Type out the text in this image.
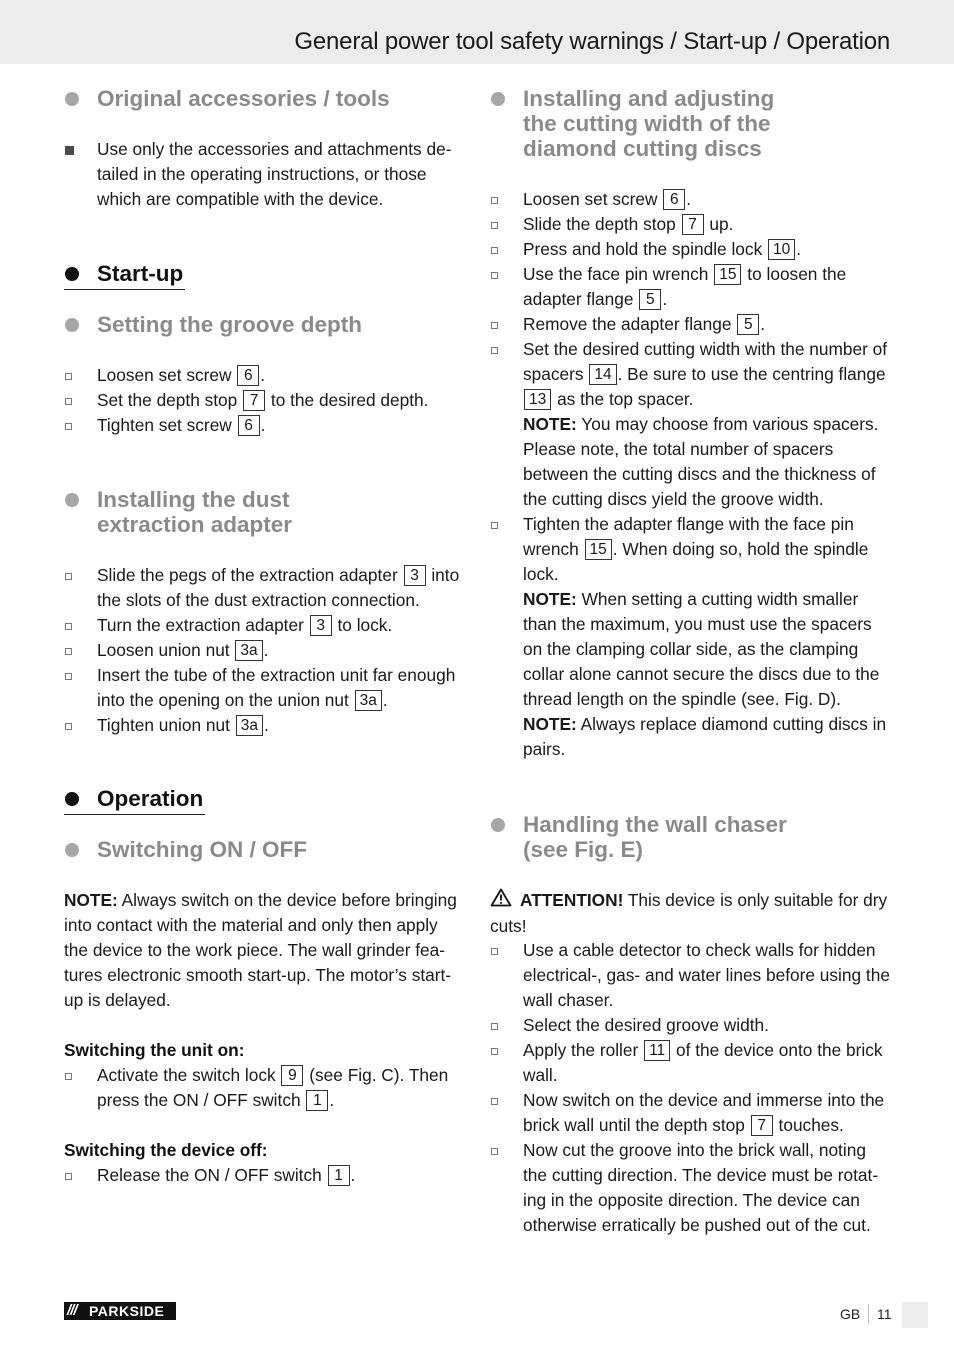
General power tool safety warnings / Start-up / Operation
Original accessories / tools
Use only the accessories and attachments de- tailed in the operating instructions, or those which are compatible with the device.
Start-up
Setting the groove depth
Loosen set screw 6 .
Set the depth stop 7 to the desired depth.
Tighten set screw 6 .
Installing the dust
extraction adapter
Slide the pegs of the extraction adapter 3 into the slots of the dust extraction connection.
Turn the extraction adapter 3 to lock.
Loosen union nut 3a .
Insert the tube of the extraction unit far enough into the opening on the union nut 3a .
Tighten union nut 3a .
Operation
Switching ON / OFF

NOTE: Always switch on the device before bringing into contact with the material and only then apply the device to the work piece. The wall grinder fea- tures electronic smooth start-up. The motor’s start-up is delayed.

Switching the unit on:
Activate the switch lock 9 (see Fig. C). Then press the ON / OFF switch 1 .
Switching the device off:
Release the ON / OFF switch 1 .
Installing and adjusting
the cutting width of the
diamond cutting discs
Loosen set screw 6 .
Slide the depth stop 7 up.
Press and hold the spindle lock 10 .
Use the face pin wrench 15 to loosen the adapter flange 5 .
Remove the adapter flange 5 .
Set the desired cutting width with the number of spacers 14 . Be sure to use the centring flange 13 as the top spacer.
NOTE: You may choose from various spacers. Please note, the total number of spacers between the cutting discs and the thickness of the cutting discs yield the groove width.
Tighten the adapter flange with the face pin wrench 15 . When doing so, hold the spindle lock.
NOTE: When setting a cutting width smaller than the maximum, you must use the spacers on the clamping collar side, as the clamping collar alone cannot secure the discs due to the thread length on the spindle (see. Fig. D).
NOTE: Always replace diamond cutting discs in pairs.
Handling the wall chaser
(see Fig. E)

ATTENTION! This device is only suitable for dry cuts!

Use a cable detector to check walls for hidden electrical-, gas- and water lines before using the wall chaser.
Select the desired groove width.
Apply the roller 11 of the device onto the brick wall.
Now switch on the device and immerse into the brick wall until the depth stop 7 touches.
Now cut the groove into the brick wall, noting the cutting direction. The device must be rotat- ing in the opposite direction. The device can otherwise erratically be pushed out of the cut.
/// PARKSIDE	GB 11
